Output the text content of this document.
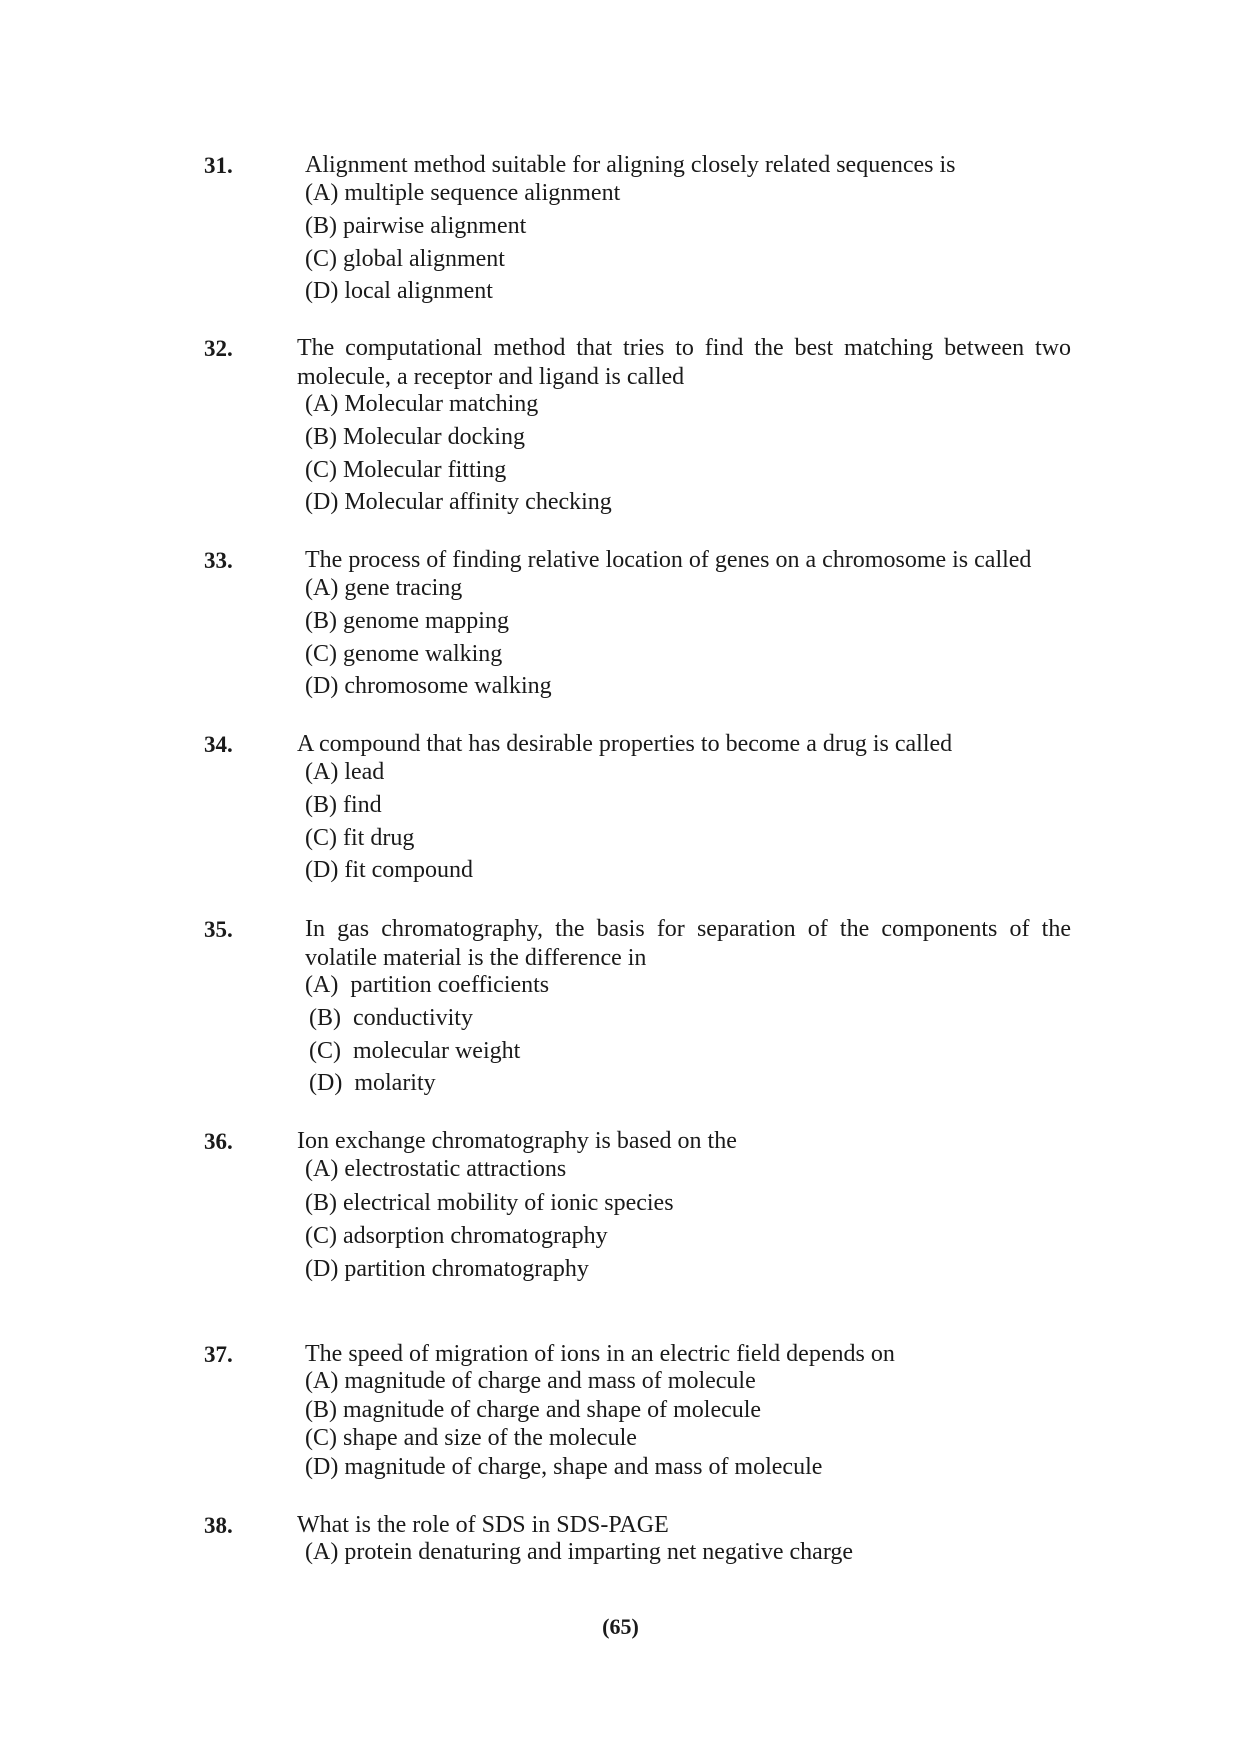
31.	Alignment method suitable for aligning closely related sequences is
(A) multiple sequence alignment
(B) pairwise alignment
(C) global alignment
(D) local alignment
32.	The computational method that tries to find the best matching between two molecule, a receptor and ligand is called
(A) Molecular matching
(B) Molecular docking
(C) Molecular fitting
(D) Molecular affinity checking
33.	The process of finding relative location of genes on a chromosome is called
(A) gene tracing
(B) genome mapping
(C) genome walking
(D) chromosome walking
34.	A compound that has desirable properties to become a drug is called
(A) lead
(B) find
(C) fit drug
(D) fit compound
35.	In gas chromatography, the basis for separation of the components of the volatile material is the difference in
(A) partition coefficients
(B) conductivity
(C) molecular weight
(D) molarity
36.	Ion exchange chromatography is based on the
(A) electrostatic attractions
(B) electrical mobility of ionic species
(C) adsorption chromatography
(D) partition chromatography
37.	The speed of migration of ions in an electric field depends on
(A) magnitude of charge and mass of molecule
(B) magnitude of charge and shape of molecule
(C) shape and size of the molecule
(D) magnitude of charge, shape and mass of molecule
38.	What is the role of SDS in SDS-PAGE
(A) protein denaturing and imparting net negative charge
(65)
